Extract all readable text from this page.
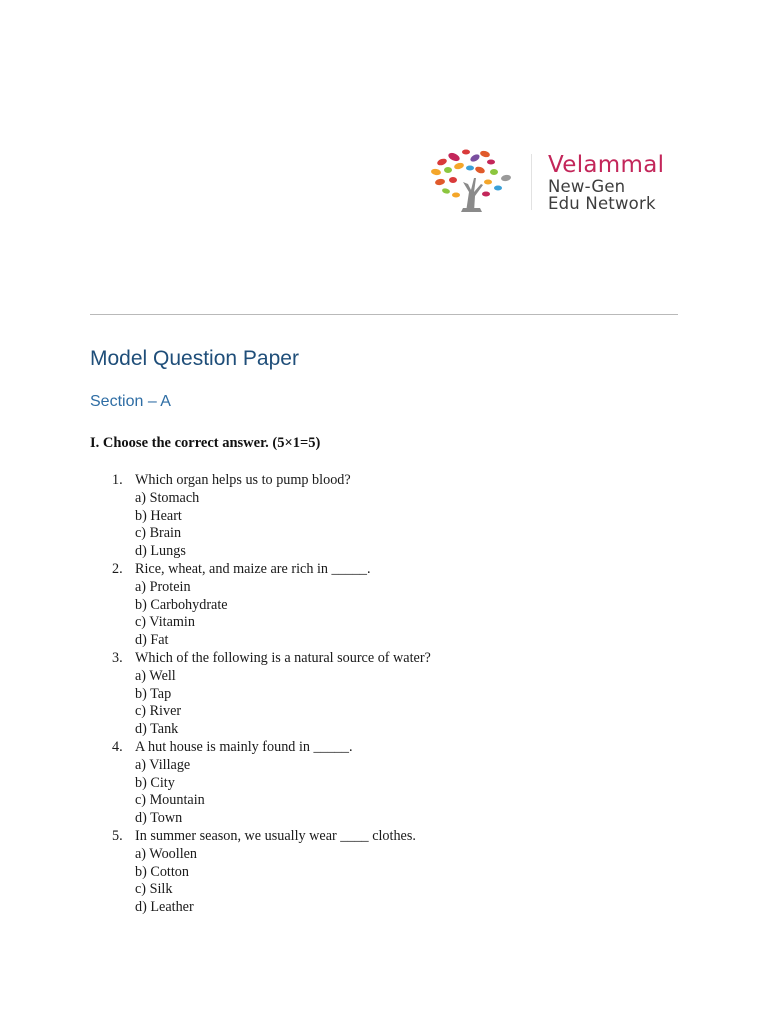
Velammal
New-Gen
Edu Network
Model Question Paper
Section – A

I. Choose the correct answer. (5×1=5)

1. Which organ helps us to pump blood?
a) Stomach
b) Heart
c) Brain
d) Lungs
2. Rice, wheat, and maize are rich in _____.
a) Protein
b) Carbohydrate
c) Vitamin
d) Fat
3. Which of the following is a natural source of water?
a) Well
b) Tap
c) River
d) Tank
4. A hut house is mainly found in _____.
a) Village
b) City
c) Mountain
d) Town
5. In summer season, we usually wear ____ clothes.
a) Woollen
b) Cotton
c) Silk
d) Leather
